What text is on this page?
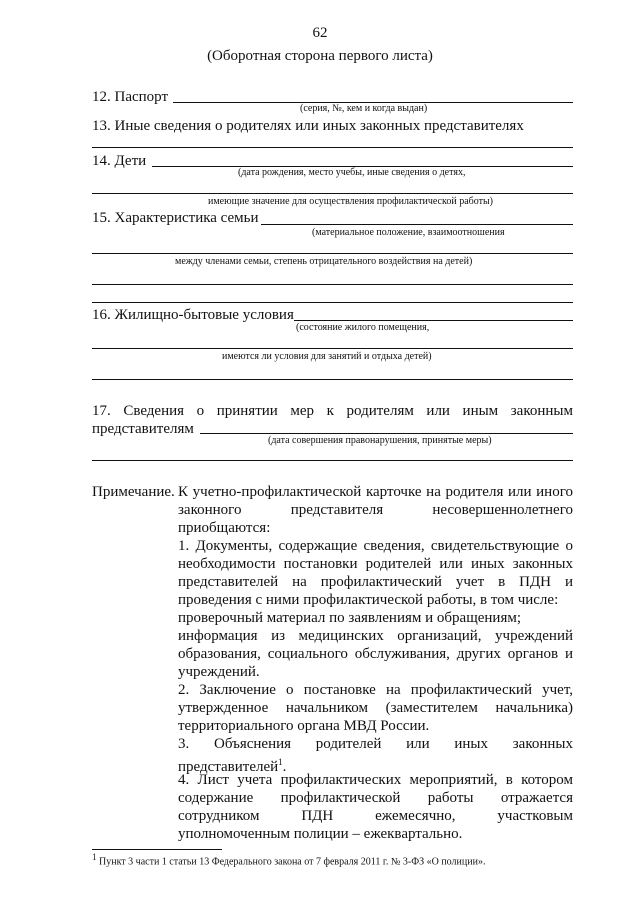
62
(Оборотная сторона первого листа)
12. Паспорт
(серия, №, кем и когда выдан)
13. Иные сведения о родителях или иных законных представителях
14. Дети
(дата рождения, место учебы, иные сведения о детях,
имеющие значение для осуществления профилактической работы)
15. Характеристика семьи
(материальное положение, взаимоотношения
между членами семьи, степень отрицательного воздействия на детей)
16. Жилищно-бытовые условия
(состояние жилого помещения,
имеются ли условия для занятий и отдыха детей)
17. Сведения о принятии мер к родителям или иным законным
представителям
(дата совершения правонарушения, принятые меры)
Примечание. К учетно-профилактической карточке на родителя или иного
законного представителя несовершеннолетнего
приобщаются:
1. Документы, содержащие сведения, свидетельствующие о
необходимости постановки родителей или иных законных
представителей на профилактический учет в ПДН и
проведения с ними профилактической работы, в том числе:
проверочный материал по заявлениям и обращениям;
информация из медицинских организаций, учреждений
образования, социального обслуживания, других органов и
учреждений.
2. Заключение о постановке на профилактический учет,
утвержденное начальником (заместителем начальника)
территориального органа МВД России.
3. Объяснения родителей или иных законных
представителей$^1$.
4. Лист учета профилактических мероприятий, в котором
содержание профилактической работы отражается
сотрудником ПДН ежемесячно, участковым
уполномоченным полиции – ежеквартально.
$^1$ Пункт 3 части 1 статьи 13 Федерального закона от 7 февраля 2011 г. № 3-ФЗ «О полиции».
